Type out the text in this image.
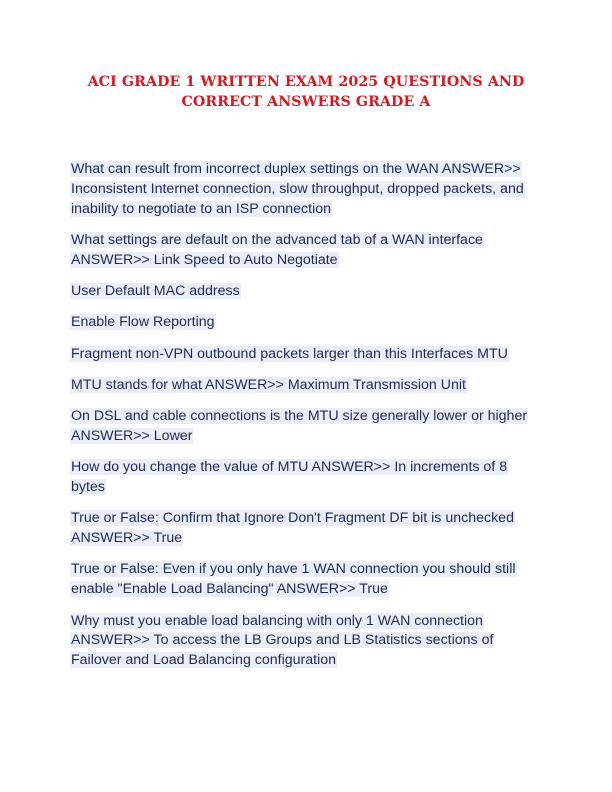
ACI GRADE 1 WRITTEN EXAM 2025 QUESTIONS AND
CORRECT ANSWERS GRADE A
What can result from incorrect duplex settings on the WAN ANSWER>> Inconsistent Internet connection, slow throughput, dropped packets, and inability to negotiate to an ISP connection
What settings are default on the advanced tab of a WAN interface ANSWER>> Link Speed to Auto Negotiate
User Default MAC address
Enable Flow Reporting
Fragment non-VPN outbound packets larger than this Interfaces MTU
MTU stands for what ANSWER>> Maximum Transmission Unit
On DSL and cable connections is the MTU size generally lower or higher ANSWER>> Lower
How do you change the value of MTU ANSWER>> In increments of 8 bytes
True or False: Confirm that Ignore Don't Fragment DF bit is unchecked ANSWER>> True
True or False: Even if you only have 1 WAN connection you should still enable "Enable Load Balancing" ANSWER>> True
Why must you enable load balancing with only 1 WAN connection ANSWER>> To access the LB Groups and LB Statistics sections of Failover and Load Balancing configuration
